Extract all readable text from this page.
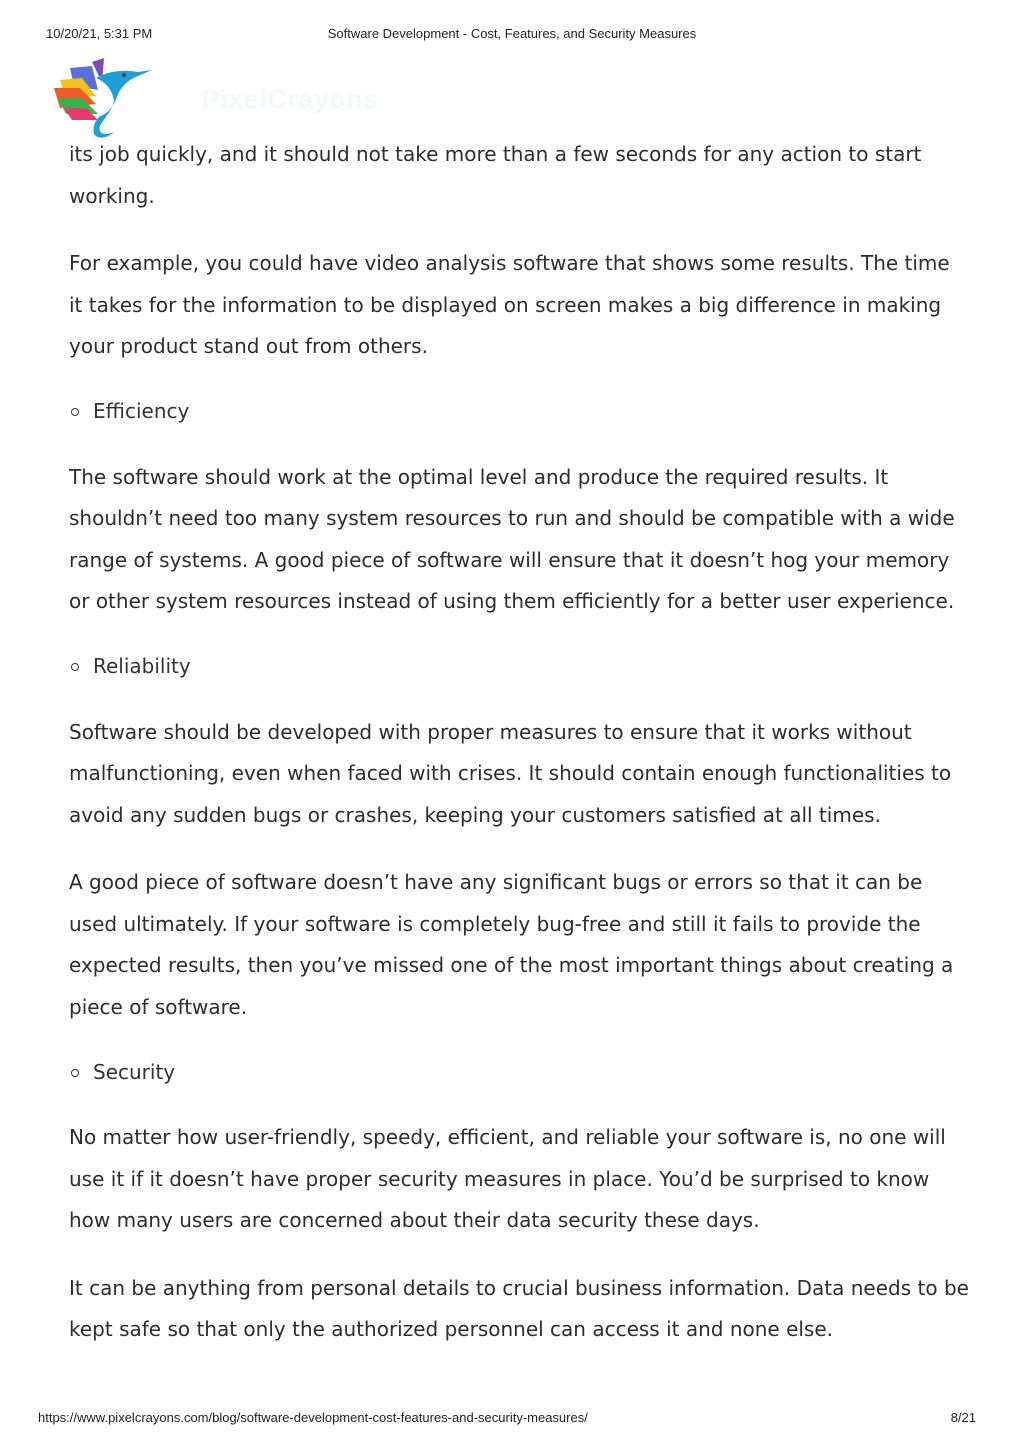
10/20/21, 5:31 PM	Software Development - Cost, Features, and Security Measures
PixelCrayons

its job quickly, and it should not take more than a few seconds for any action to start working.

For example, you could have video analysis software that shows some results. The time it takes for the information to be displayed on screen makes a big difference in making your product stand out from others.

Efficiency

The software should work at the optimal level and produce the required results. It shouldn’t need too many system resources to run and should be compatible with a wide range of systems. A good piece of software will ensure that it doesn’t hog your memory or other system resources instead of using them efficiently for a better user experience.

Reliability

Software should be developed with proper measures to ensure that it works without malfunctioning, even when faced with crises. It should contain enough functionalities to avoid any sudden bugs or crashes, keeping your customers satisfied at all times.

A good piece of software doesn’t have any significant bugs or errors so that it can be used ultimately. If your software is completely bug-free and still it fails to provide the expected results, then you’ve missed one of the most important things about creating a piece of software.

Security

No matter how user-friendly, speedy, efficient, and reliable your software is, no one will use it if it doesn’t have proper security measures in place. You’d be surprised to know how many users are concerned about their data security these days.

It can be anything from personal details to crucial business information. Data needs to be kept safe so that only the authorized personnel can access it and none else.

https://www.pixelcrayons.com/blog/software-development-cost-features-and-security-measures/	8/21
